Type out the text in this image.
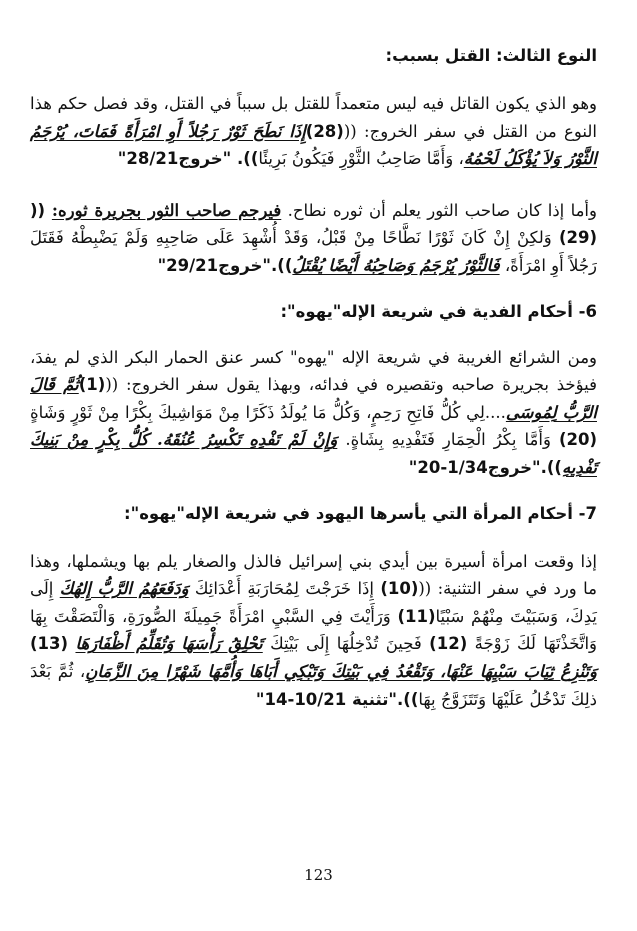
النوع الثالث: القتل بسبب:

وهو الذي يكون القاتل فيه ليس متعمداً للقتل بل سبباً في القتل، وقد فصل حكم هذا النوع من القتل في سفر الخروج: (((28)إِذَا نَطَحَ ثَوْرٌ رَجُلاً أَوِ امْرَأَةً فَمَاتَ، يُرْجَمُ الثَّوْرُ وَلاَ يُؤْكَلُ لَحْمُهُ، وَأَمَّا صَاحِبُ الثَّوْرِ فَيَكُونُ بَرِيئًا)). "خروج28/21"

وأما إذا كان صاحب الثور يعلم أن ثوره نطاح. فيرجم صاحب الثور بجريرة ثوره: (( (29) وَلكِنْ إِنْ كَانَ ثَوْرًا نَطَّاحًا مِنْ قَبْلُ، وَقَدْ أُشْهِدَ عَلَى صَاحِبِهِ وَلَمْ يَضْبِطْهُ فَقَتَلَ رَجُلاً أَوِ امْرَأَةً، فَالثَّوْرُ يُرْجَمُ وَصَاحِبُهُ أَيْضًا يُقْتَلُ))."خروج29/21"

6- أحكام الفدية في شريعة الإله"يهوه":

ومن الشرائع الغريبة في شريعة الإله "يهوه" كسر عنق الحمار البكر الذي لم يفدَ، فيؤخذ بجريرة صاحبه وتقصيره في فدائه، وبهذا يقول سفر الخروج: (((1)ثُمَّ قَالَ الرَّبُّ لِمُوسَى....لِي كُلُّ فَاتِحِ رَحِمٍ، وَكُلُّ مَا يُولَدُ ذَكَرًا مِنْ مَوَاشِيكَ بِكْرًا مِنْ ثَوْرٍ وَشَاةٍ (20) وَأَمَّا بِكْرُ الْحِمَارِ فَتَفْدِيهِ بِشَاةٍ. وَإِنْ لَمْ تَفْدِهِ تَكْسِرُ عُنُقَهُ. كُلُّ بِكْرٍ مِنْ بَنِيكَ تَفْدِيهِ))."خروج1/34-20"

7- أحكام المرأة التي يأسرها اليهود في شريعة الإله"يهوه":

إذا وقعت امرأة أسيرة بين أيدي بني إسرائيل فالذل والصغار يلم بها ويشملها، وهذا ما ورد في سفر التثنية: (((10) إِذَا خَرَجْتَ لِمُحَارَبَةِ أَعْدَائِكَ وَدَفَعَهُمُ الرَّبُّ إِلهُكَ إِلَى يَدِكَ، وَسَبَيْتَ مِنْهُمْ سَبْيًا(11) وَرَأَيْتَ فِي السَّبْيِ امْرَأَةً جَمِيلَةَ الصُّورَةِ، وَالْتَصَقْتَ بِهَا وَاتَّخَذْتَهَا لَكَ زَوْجَةً (12) فَحِينَ تُدْخِلُهَا إِلَى بَيْتِكَ تَحْلِقُ رَأْسَهَا وَتُقَلِّمُ أَظْفَارَهَا (13) وَتَنْزِعُ ثِيَابَ سَبْيِهَا عَنْهَا، وَتَقْعُدُ فِي بَيْتِكَ وَتَبْكِي أَبَاهَا وَأُمَّهَا شَهْرًا مِنَ الزَّمَانِ، ثُمَّ بَعْدَ ذلِكَ تَدْخُلُ عَلَيْهَا وَتَتَزَوَّجُ بِهَا))."تثنية 10/21-14"

123
